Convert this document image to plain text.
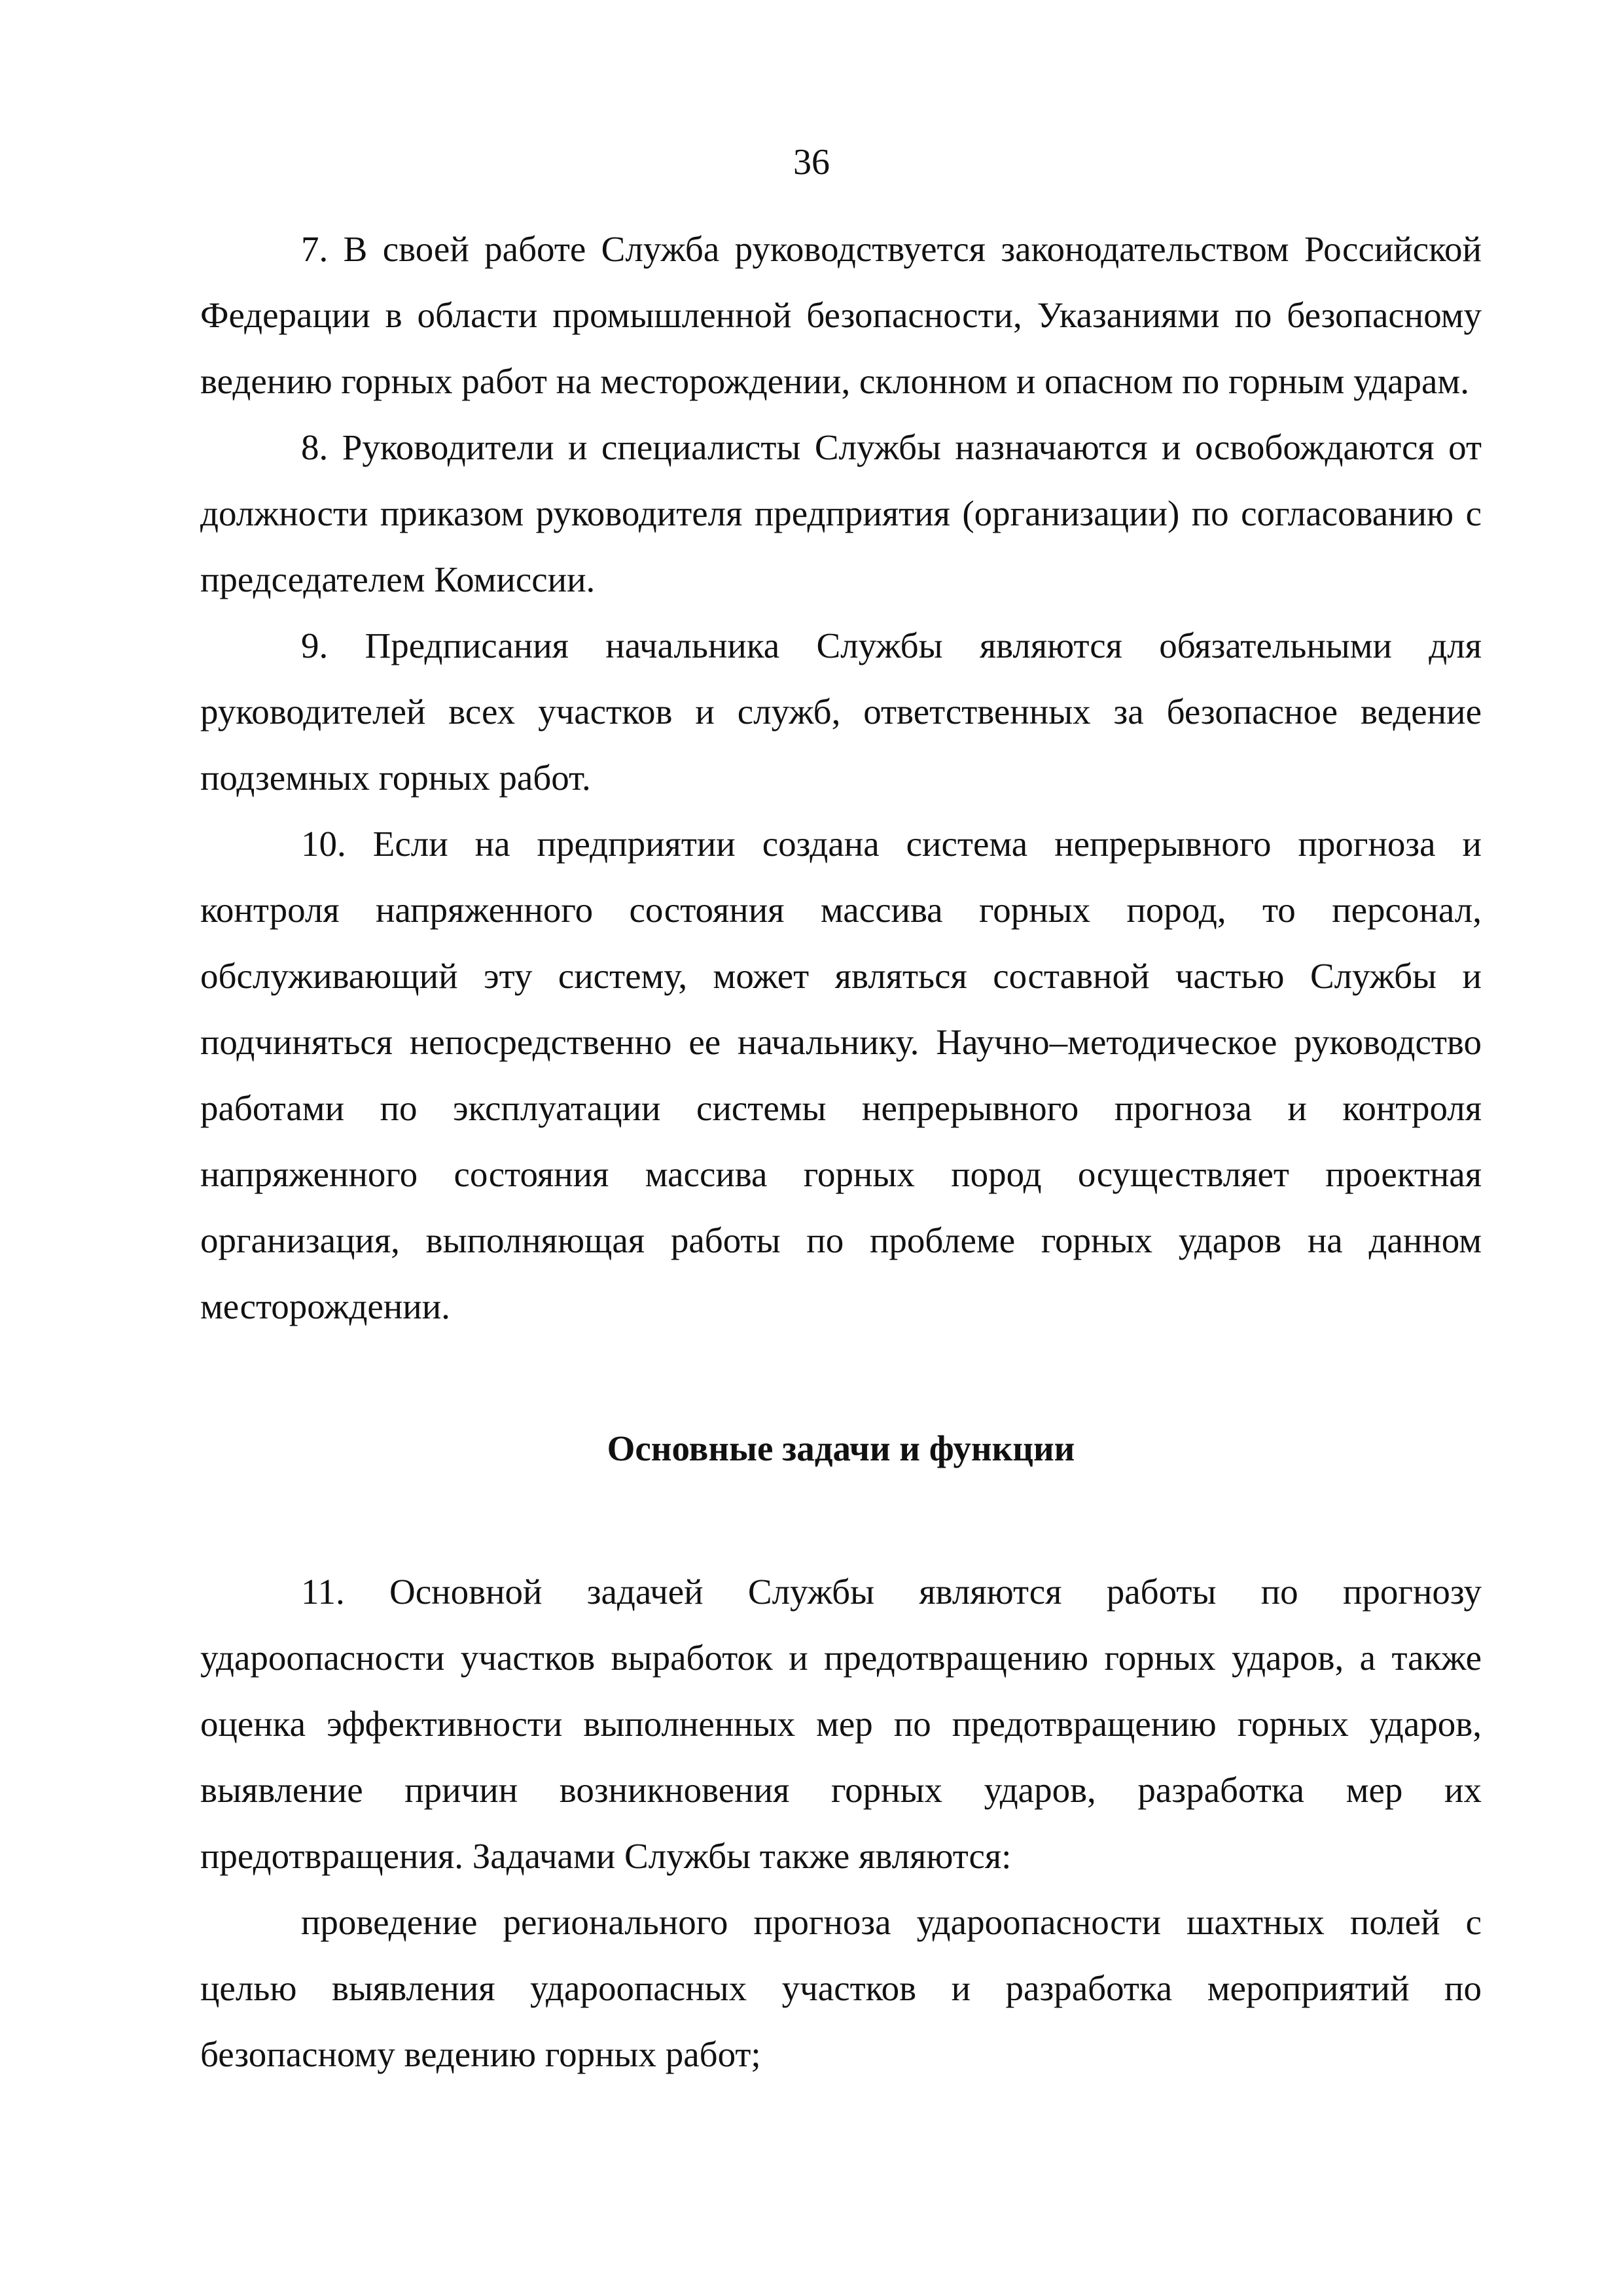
36

7. В своей работе Служба руководствуется законодательством Российской Федерации в области промышленной безопасности, Указаниями по безопасному ведению горных работ на месторождении, склонном и опасном по горным ударам.

8. Руководители и специалисты Службы назначаются и освобождаются от должности приказом руководителя предприятия (организации) по согласованию с председателем Комиссии.

9. Предписания начальника Службы являются обязательными для руководителей всех участков и служб, ответственных за безопасное ведение подземных горных работ.

10. Если на предприятии создана система непрерывного прогноза и контроля напряженного состояния массива горных пород, то персонал, обслуживающий эту систему, может являться составной частью Службы и подчиняться непосредственно ее начальнику. Научно–методическое руководство работами по эксплуатации системы непрерывного прогноза и контроля напряженного состояния массива горных пород осуществляет проектная организация, выполняющая работы по проблеме горных ударов на данном месторождении.

Основные задачи и функции

11. Основной задачей Службы являются работы по прогнозу удароопасности участков выработок и предотвращению горных ударов, а также оценка эффективности выполненных мер по предотвращению горных ударов, выявление причин возникновения горных ударов, разработка мер их предотвращения. Задачами Службы также являются:

проведение регионального прогноза удароопасности шахтных полей с целью выявления удароопасных участков и разработка мероприятий по безопасному ведению горных работ;
